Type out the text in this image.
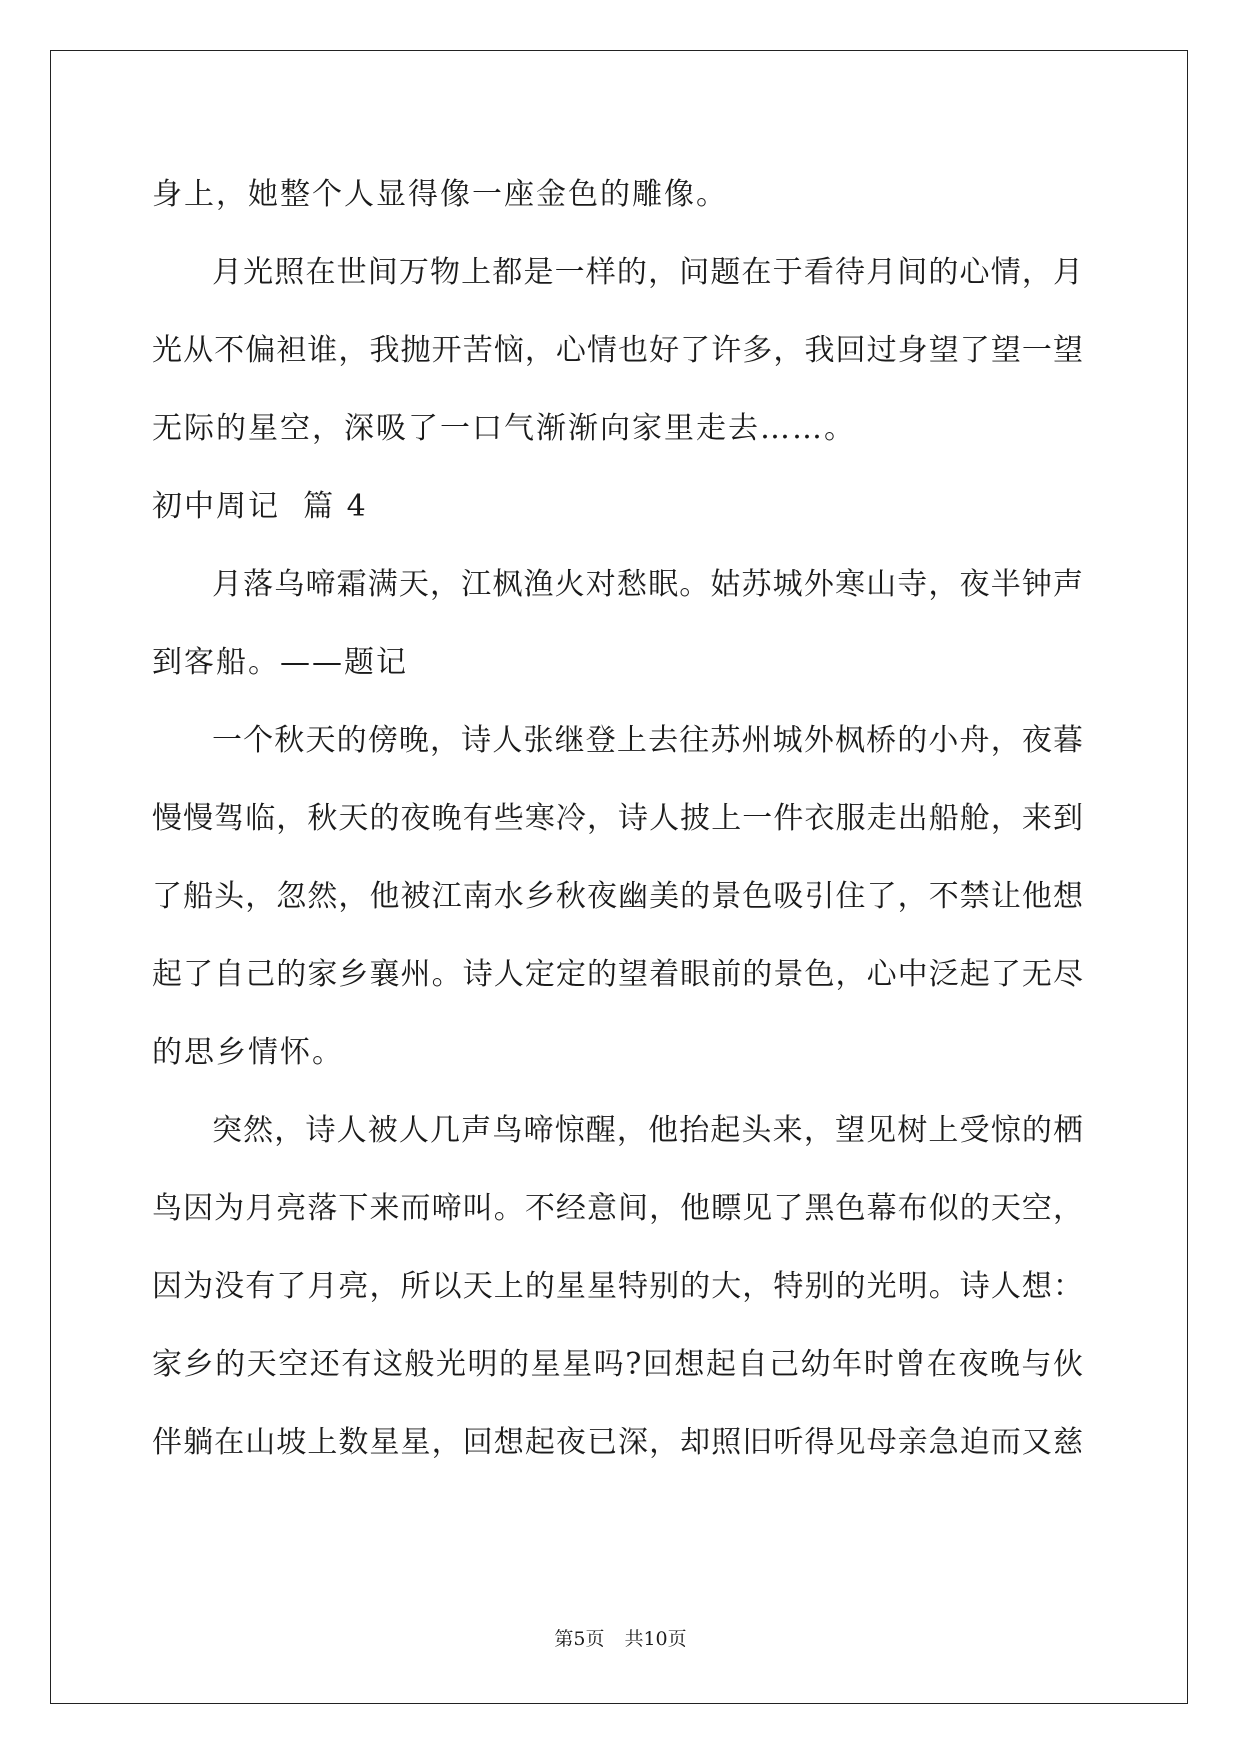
身上，她整个人显得像一座金色的雕像。
月光照在世间万物上都是一样的，问题在于看待月间的心情，月
光从不偏袒谁，我抛开苦恼，心情也好了许多，我回过身望了望一望
无际的星空，深吸了一口气渐渐向家里走去……。
初中周记  篇 4
月落乌啼霜满天，江枫渔火对愁眠。姑苏城外寒山寺，夜半钟声
到客船。——题记
一个秋天的傍晚，诗人张继登上去往苏州城外枫桥的小舟，夜暮
慢慢驾临，秋天的夜晚有些寒冷，诗人披上一件衣服走出船舱，来到
了船头，忽然，他被江南水乡秋夜幽美的景色吸引住了，不禁让他想
起了自己的家乡襄州。诗人定定的望着眼前的景色，心中泛起了无尽
的思乡情怀。
突然，诗人被人几声鸟啼惊醒，他抬起头来，望见树上受惊的栖
鸟因为月亮落下来而啼叫。不经意间，他瞟见了黑色幕布似的天空，
因为没有了月亮，所以天上的星星特别的大，特别的光明。诗人想：
家乡的天空还有这般光明的星星吗?回想起自己幼年时曾在夜晚与伙
伴躺在山坡上数星星，回想起夜已深，却照旧听得见母亲急迫而又慈
第5页 共10页
